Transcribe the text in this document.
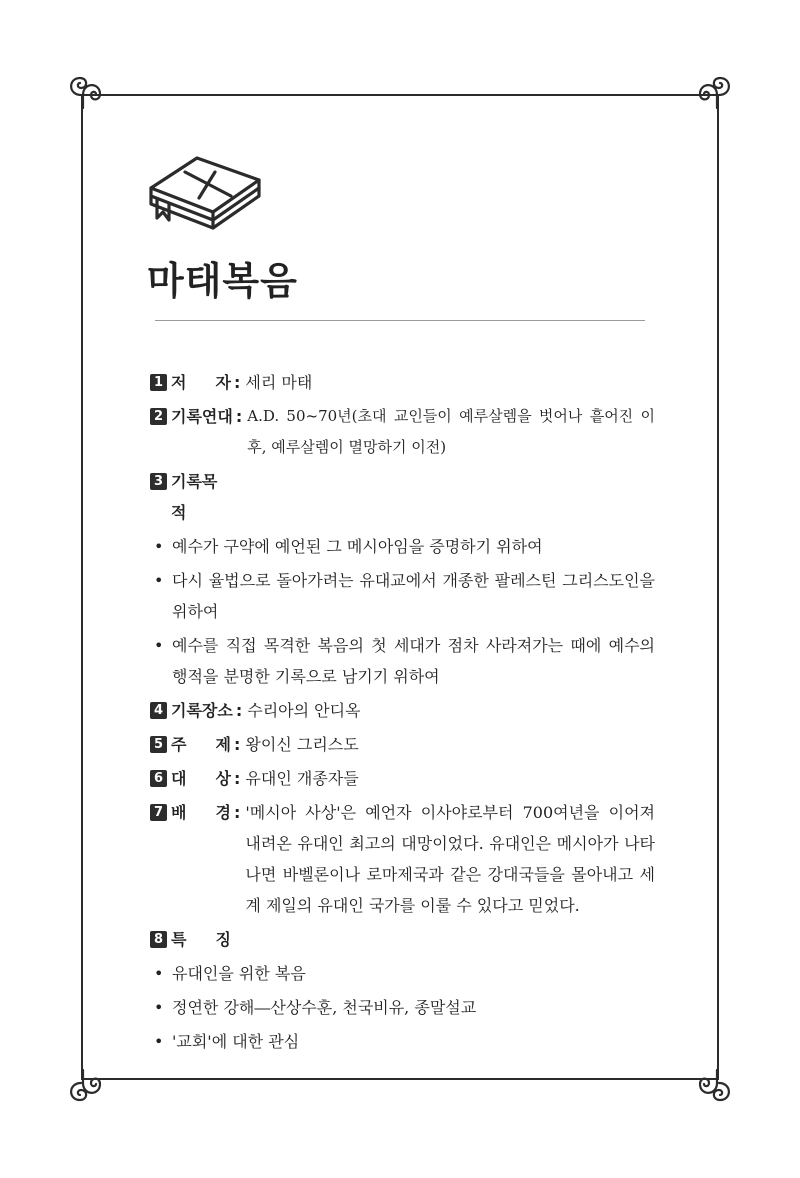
마태복음
1 저 자 : 세리 마태
2 기록연대 : A.D. 50~70년(초대 교인들이 예루살렘을 벗어나 흩어진 이후, 예루살렘이 멸망하기 이전)
3 기록목적
• 예수가 구약에 예언된 그 메시아임을 증명하기 위하여
• 다시 율법으로 돌아가려는 유대교에서 개종한 팔레스틴 그리스도인을 위하여
• 예수를 직접 목격한 복음의 첫 세대가 점차 사라져가는 때에 예수의 행적을 분명한 기록으로 남기기 위하여
4 기록장소 : 수리아의 안디옥
5 주 제 : 왕이신 그리스도
6 대 상 : 유대인 개종자들
7 배 경 : '메시아 사상'은 예언자 이사야로부터 700여년을 이어져 내려온 유대인 최고의 대망이었다. 유대인은 메시아가 나타나면 바벨론이나 로마제국과 같은 강대국들을 몰아내고 세계 제일의 유대인 국가를 이룰 수 있다고 믿었다.
8 특 징
• 유대인을 위한 복음
• 정연한 강해―산상수훈, 천국비유, 종말설교
• '교회'에 대한 관심
